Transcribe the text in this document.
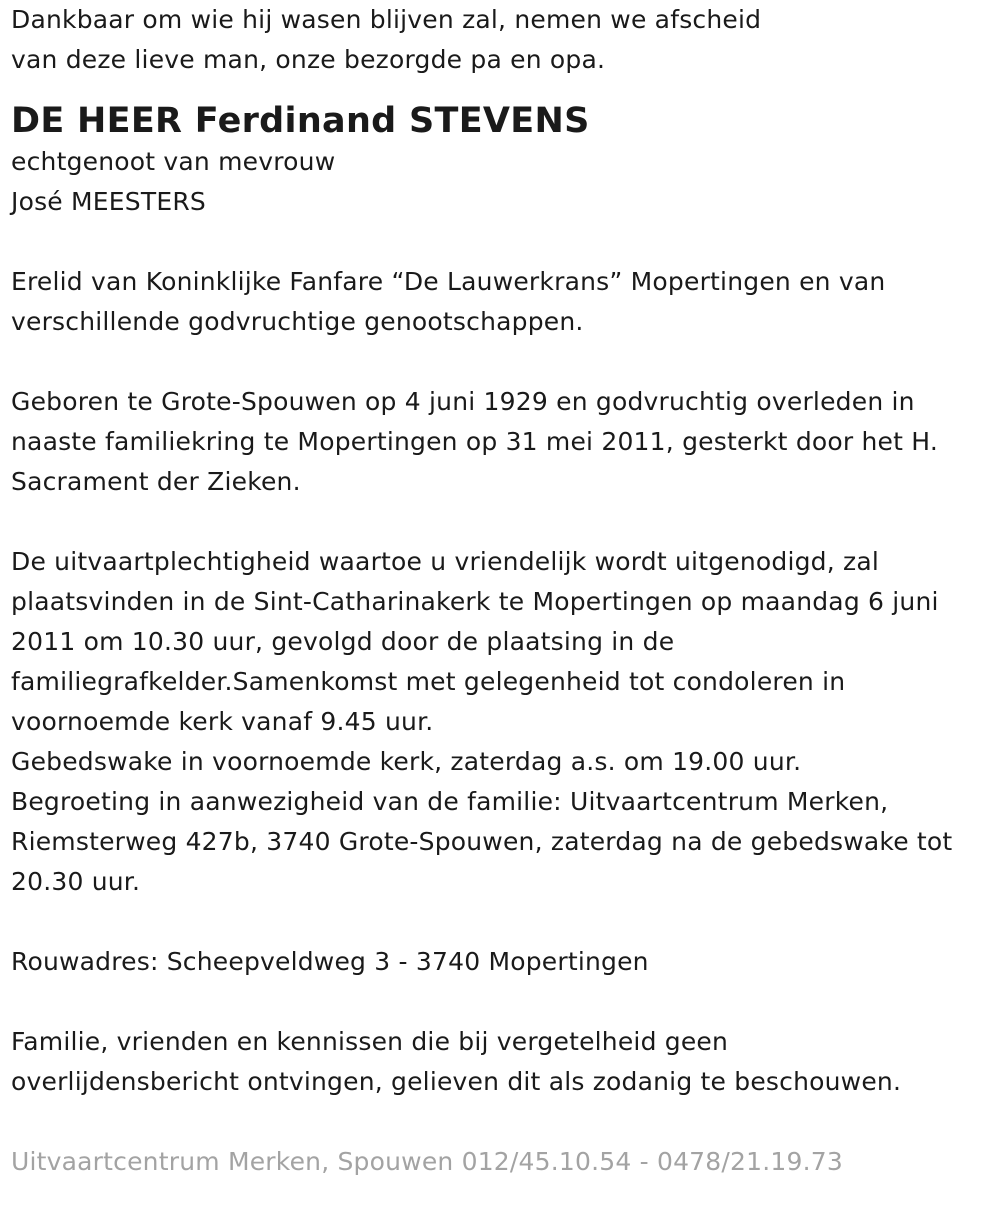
Dankbaar om wie hij wasen blijven zal, nemen we afscheid
van deze lieve man, onze bezorgde pa en opa.
DE HEER Ferdinand STEVENS
echtgenoot van mevrouw
José MEESTERS
Erelid van Koninklijke Fanfare “De Lauwerkrans” Mopertingen en van
verschillende godvruchtige genootschappen.
Geboren te Grote-Spouwen op 4 juni 1929 en godvruchtig overleden in
naaste familiekring te Mopertingen op 31 mei 2011, gesterkt door het H.
Sacrament der Zieken.
De uitvaartplechtigheid waartoe u vriendelijk wordt uitgenodigd, zal
plaatsvinden in de Sint-Catharinakerk te Mopertingen op maandag 6 juni
2011 om 10.30 uur, gevolgd door de plaatsing in de
familiegrafkelder.Samenkomst met gelegenheid tot condoleren in
voornoemde kerk vanaf 9.45 uur.
Gebedswake in voornoemde kerk, zaterdag a.s. om 19.00 uur.
Begroeting in aanwezigheid van de familie: Uitvaartcentrum Merken,
Riemsterweg 427b, 3740 Grote-Spouwen, zaterdag na de gebedswake tot
20.30 uur.
Rouwadres: Scheepveldweg 3 - 3740 Mopertingen
Familie, vrienden en kennissen die bij vergetelheid geen
overlijdensbericht ontvingen, gelieven dit als zodanig te beschouwen.
Uitvaartcentrum Merken, Spouwen 012/45.10.54 - 0478/21.19.73
